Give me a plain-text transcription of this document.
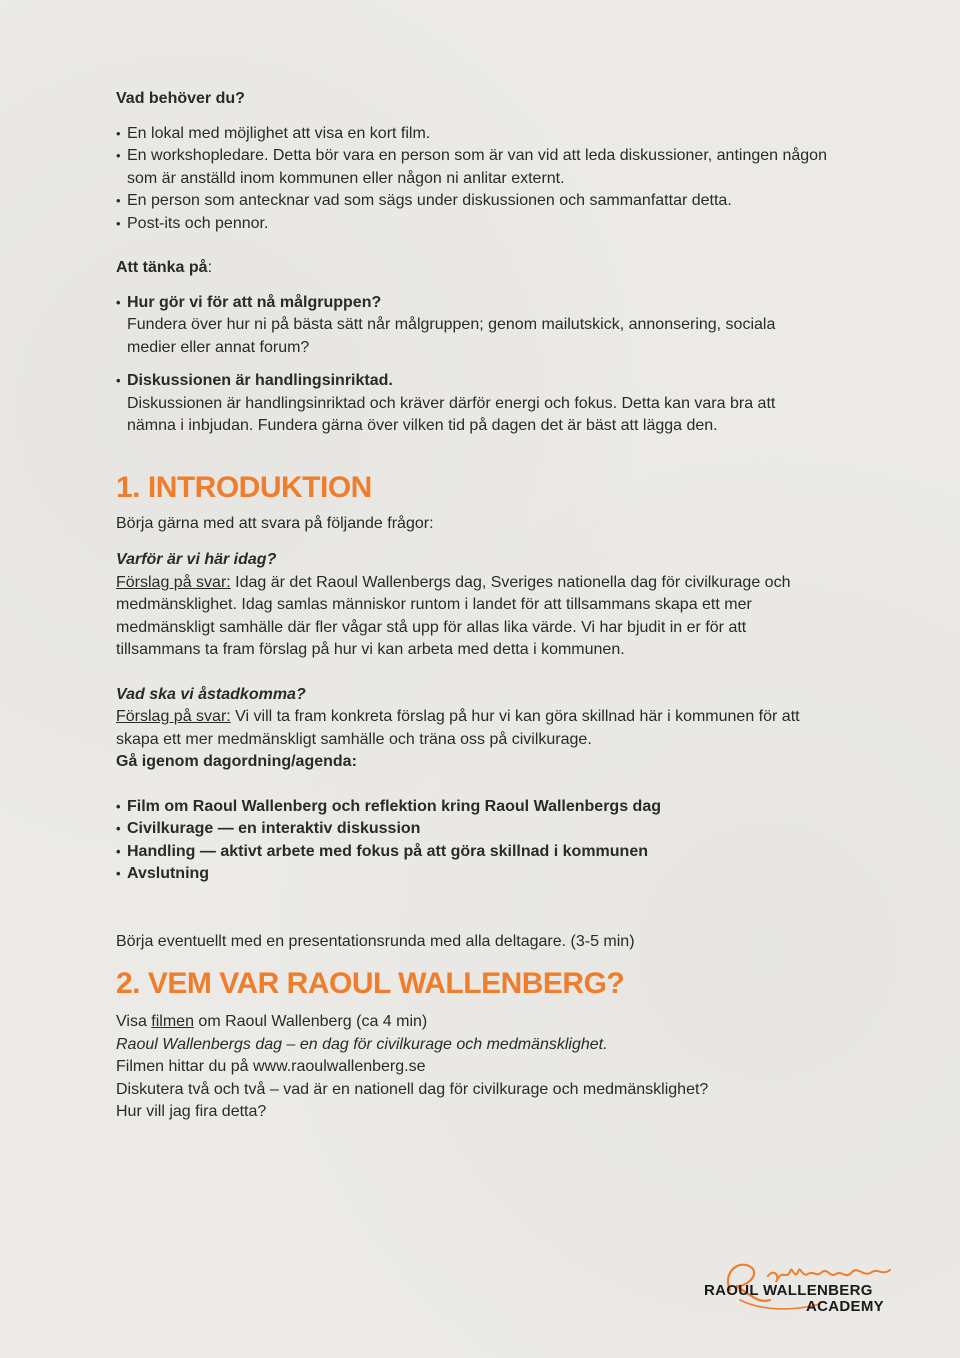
Vad behöver du?
• En lokal med möjlighet att visa en kort film.
• En workshopledare. Detta bör vara en person som är van vid att leda diskussioner, antingen någon som är anställd inom kommunen eller någon ni anlitar externt.
• En person som antecknar vad som sägs under diskussionen och sammanfattar detta.
• Post-its och pennor.
Att tänka på:
• Hur gör vi för att nå målgruppen?
Fundera över hur ni på bästa sätt når målgruppen; genom mailutskick, annonsering, sociala medier eller annat forum?
• Diskussionen är handlingsinriktad.
Diskussionen är handlingsinriktad och kräver därför energi och fokus. Detta kan vara bra att nämna i inbjudan. Fundera gärna över vilken tid på dagen det är bäst att lägga den.
1. INTRODUKTION
Börja gärna med att svara på följande frågor:
Varför är vi här idag?
Förslag på svar: Idag är det Raoul Wallenbergs dag, Sveriges nationella dag för civilkurage och medmänsklighet. Idag samlas människor runtom i landet för att tillsammans skapa ett mer medmänskligt samhälle där fler vågar stå upp för allas lika värde. Vi har bjudit in er för att tillsammans ta fram förslag på hur vi kan arbeta med detta i kommunen.
Vad ska vi åstadkomma?
Förslag på svar: Vi vill ta fram konkreta förslag på hur vi kan göra skillnad här i kommunen för att skapa ett mer medmänskligt samhälle och träna oss på civilkurage.
Gå igenom dagordning/agenda:
• Film om Raoul Wallenberg och reflektion kring Raoul Wallenbergs dag
• Civilkurage — en interaktiv diskussion
• Handling — aktivt arbete med fokus på att göra skillnad i kommunen
• Avslutning
Börja eventuellt med en presentationsrunda med alla deltagare. (3-5 min)
2. VEM VAR RAOUL WALLENBERG?
Visa filmen om Raoul Wallenberg (ca 4 min)
Raoul Wallenbergs dag – en dag för civilkurage och medmänsklighet.
Filmen hittar du på www.raoulwallenberg.se
Diskutera två och två – vad är en nationell dag för civilkurage och medmänsklighet?
Hur vill jag fira detta?
RAOUL WALLENBERG
ACADEMY
